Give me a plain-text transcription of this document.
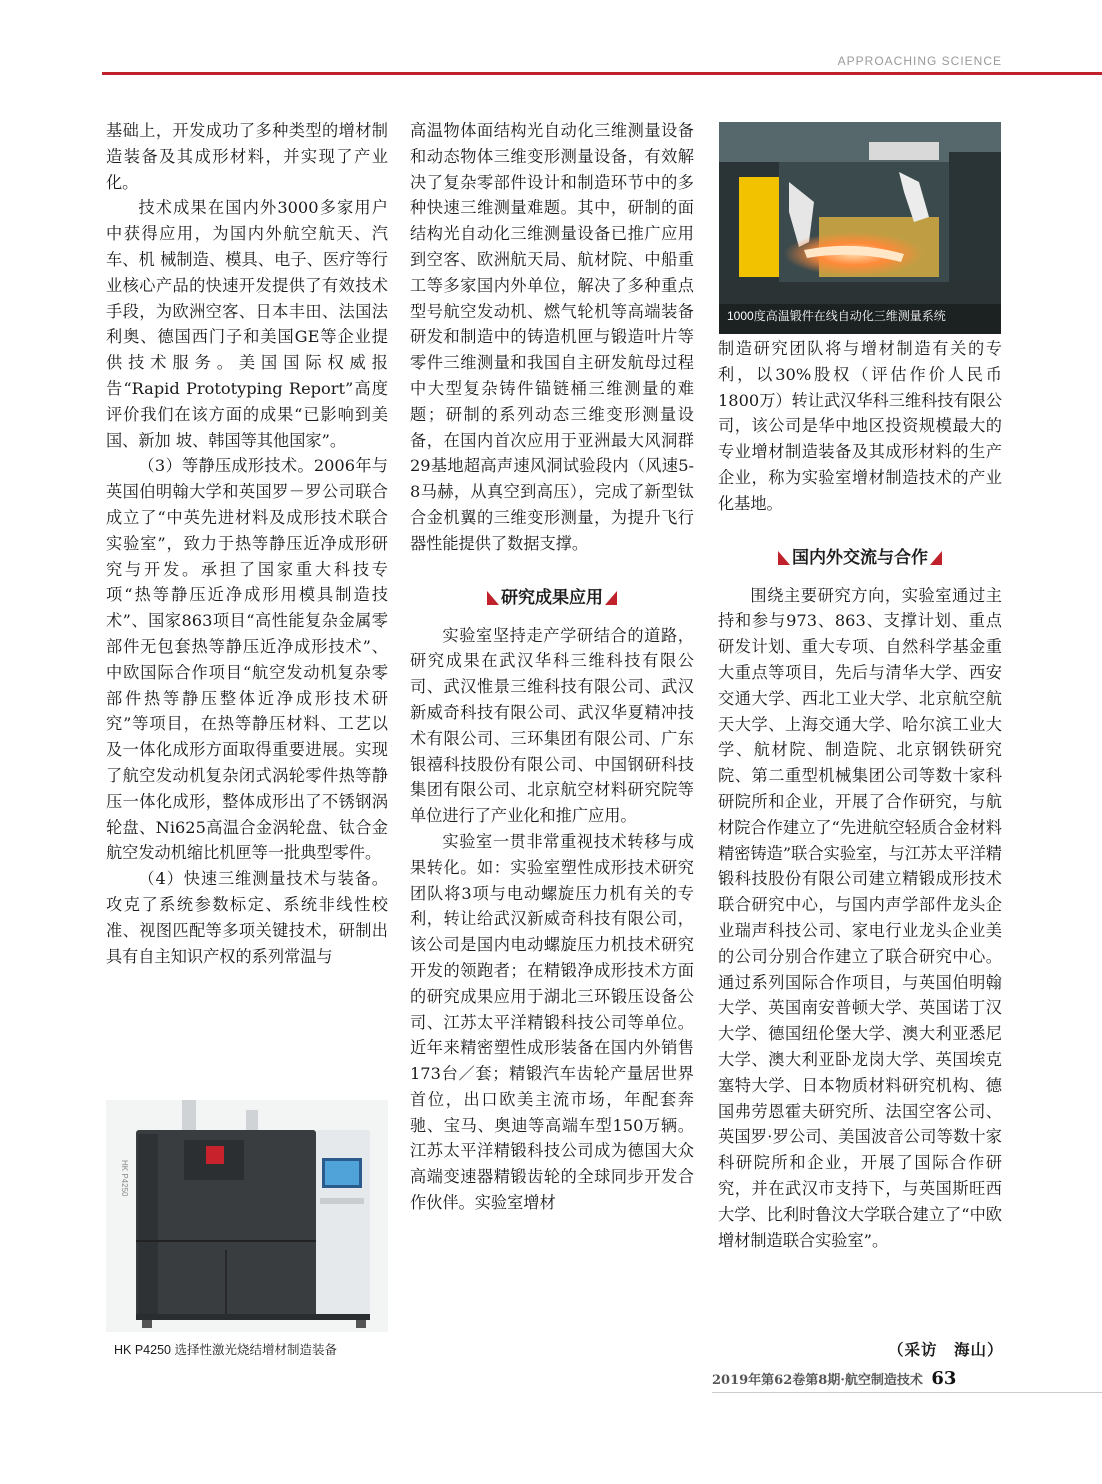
APPROACHING SCIENCE

基础上，开发成功了多种类型的增材制造装备及其成形材料，并实现了产业化。

技术成果在国内外3000多家用户中获得应用，为国内外航空航天、汽车、机 械制造、模具、电子、医疗等行业核心产品的快速开发提供了有效技术手段，为欧洲空客、日本丰田、法国法利奥、德国西门子和美国GE等企业提供技术服务。美国国际权威报告“Rapid Prototyping Report”高度评价我们在该方面的成果“已影响到美国、新加 坡、韩国等其他国家”。

（3）等静压成形技术。2006年与英国伯明翰大学和英国罗－罗公司联合成立了“中英先进材料及成形技术联合实验室”，致力于热等静压近净成形研究与开发。承担了国家重大科技专项“热等静压近净成形用模具制造技术”、国家863项目“高性能复杂金属零部件无包套热等静压近净成形技术”、中欧国际合作项目“航空发动机复杂零部件热等静压整体近净成形技术研究”等项目，在热等静压材料、工艺以及一体化成形方面取得重要进展。实现了航空发动机复杂闭式涡轮零件热等静压一体化成形，整体成形出了不锈钢涡轮盘、Ni625高温合金涡轮盘、钛合金航空发动机缩比机匣等一批典型零件。

（4）快速三维测量技术与装备。攻克了系统参数标定、系统非线性校准、视图匹配等多项关键技术，研制出具有自主知识产权的系列常温与

高温物体面结构光自动化三维测量设备和动态物体三维变形测量设备，有效解决了复杂零部件设计和制造环节中的多种快速三维测量难题。其中，研制的面结构光自动化三维测量设备已推广应用到空客、欧洲航天局、航材院、中船重工等多家国内外单位，解决了多种重点型号航空发动机、燃气轮机等高端装备研发和制造中的铸造机匣与锻造叶片等零件三维测量和我国自主研发航母过程中大型复杂铸件锚链桶三维测量的难题；研制的系列动态三维变形测量设备，在国内首次应用于亚洲最大风洞群29基地超高声速风洞试验段内（风速5-8马赫，从真空到高压），完成了新型钛合金机翼的三维变形测量，为提升飞行器性能提供了数据支撑。

研究成果应用

实验室坚持走产学研结合的道路，研究成果在武汉华科三维科技有限公司、武汉惟景三维科技有限公司、武汉新威奇科技有限公司、武汉华夏精冲技术有限公司、三环集团有限公司、广东银禧科技股份有限公司、中国钢研科技集团有限公司、北京航空材料研究院等单位进行了产业化和推广应用。

实验室一贯非常重视技术转移与成果转化。如：实验室塑性成形技术研究团队将3项与电动螺旋压力机有关的专利，转让给武汉新威奇科技有限公司，该公司是国内电动螺旋压力机技术研究开发的领跑者；在精锻净成形技术方面的研究成果应用于湖北三环锻压设备公司、江苏太平洋精锻科技公司等单位。近年来精密塑性成形装备在国内外销售173台／套；精锻汽车齿轮产量居世界首位，出口欧美主流市场，年配套奔驰、宝马、奥迪等高端车型150万辆。江苏太平洋精锻科技公司成为德国大众高端变速器精锻齿轮的全球同步开发合作伙伴。实验室增材

1000度高温锻件在线自动化三维测量系统

制造研究团队将与增材制造有关的专利，以30%股权（评估作价人民币1800万）转让武汉华科三维科技有限公司，该公司是华中地区投资规模最大的专业增材制造装备及其成形材料的生产企业，称为实验室增材制造技术的产业化基地。

国内外交流与合作

围绕主要研究方向，实验室通过主持和参与973、863、支撑计划、重点研发计划、重大专项、自然科学基金重大重点等项目，先后与清华大学、西安交通大学、西北工业大学、北京航空航天大学、上海交通大学、哈尔滨工业大学、航材院、制造院、北京钢铁研究院、第二重型机械集团公司等数十家科研院所和企业，开展了合作研究，与航材院合作建立了“先进航空轻质合金材料精密铸造”联合实验室，与江苏太平洋精锻科技股份有限公司建立精锻成形技术联合研究中心，与国内声学部件龙头企业瑞声科技公司、家电行业龙头企业美的公司分别合作建立了联合研究中心。通过系列国际合作项目，与英国伯明翰大学、英国南安普顿大学、英国诺丁汉大学、德国纽伦堡大学、澳大利亚悉尼大学、澳大利亚卧龙岗大学、英国埃克塞特大学、日本物质材料研究机构、德国弗劳恩霍夫研究所、法国空客公司、英国罗·罗公司、美国波音公司等数十家科研院所和企业，开展了国际合作研究，并在武汉市支持下，与英国斯旺西大学、比利时鲁汶大学联合建立了“中欧增材制造联合实验室”。

HK P4250
HK P4250 选择性激光烧结增材制造装备	（采访　海山）
2019年第62卷第8期·航空制造技术 63
